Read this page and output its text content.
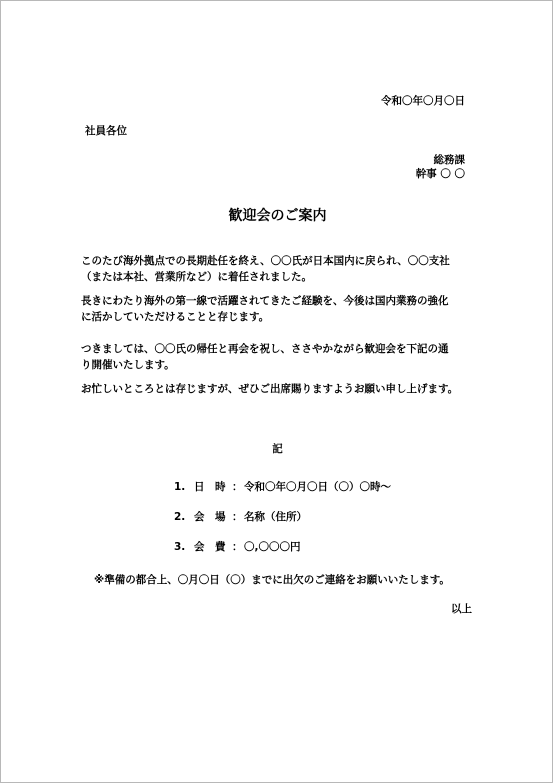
令和〇年〇月〇日

社員各位

総務課

幹事 〇 〇

歓迎会のご案内

このたび海外拠点での長期赴任を終え、〇〇氏が日本国内に戻られ、〇〇支社

（または本社、営業所など）に着任されました。

長きにわたり海外の第一線で活躍されてきたご経験を、今後は国内業務の強化

に活かしていただけることと存じます。

つきましては、〇〇氏の帰任と再会を祝し、ささやかながら歓迎会を下記の通

り開催いたします。

お忙しいところとは存じますが、ぜひご出席賜りますようお願い申し上げます。

記

1. 日　時 ： 令和〇年〇月〇日（〇）〇時～
2. 会　場 ： 名称（住所）
3. 会　費 ： 〇,〇〇〇円

※準備の都合上、〇月〇日（〇）までに出欠のご連絡をお願いいたします。

以上
